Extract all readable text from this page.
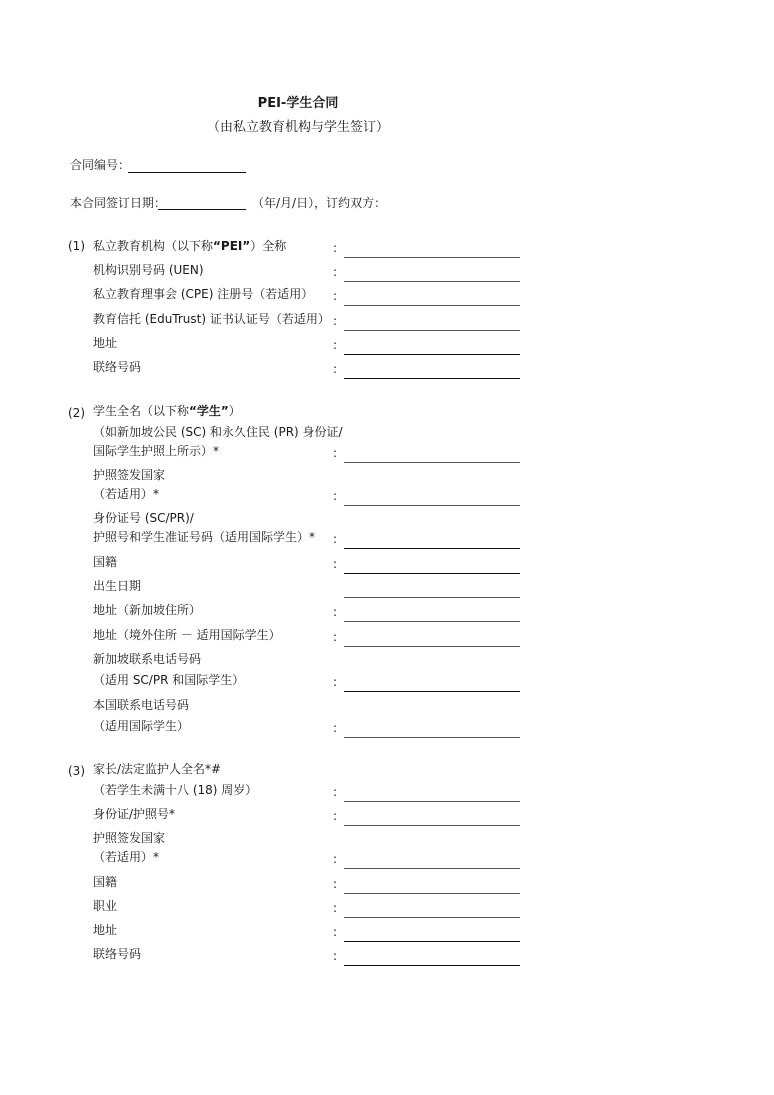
PEI-学生合同
（由私立教育机构与学生签订）
合同编号：
本合同签订日期：	（年/月/日），订约双方：
(1) 私立教育机构（以下称“PEI”）全称	:
机构识别号码 (UEN)	:
私立教育理事会 (CPE) 注册号（若适用） :
教育信托 (EduTrust) 证书认证号（若适用） :
地址	:
联络号码	:
(2) 学生全名（以下称“学生”）
（如新加坡公民 (SC) 和永久住民 (PR) 身份证/
国际学生护照上所示）*	:
护照签发国家
（若适用）*	:
身份证号 (SC/PR)/
护照号和学生准证号码（适用国际学生）* :
国籍	:
出生日期
地址（新加坡住所）	:
地址（境外住所 － 适用国际学生）	:
新加坡联系电话号码
（适用 SC/PR 和国际学生）	:
本国联系电话号码
（适用国际学生）	:
(3) 家长/法定监护人全名*#
（若学生未满十八 (18) 周岁）	:
身份证/护照号*	:
护照签发国家
（若适用）*	:
国籍	:
职业	:
地址	:
联络号码	:
